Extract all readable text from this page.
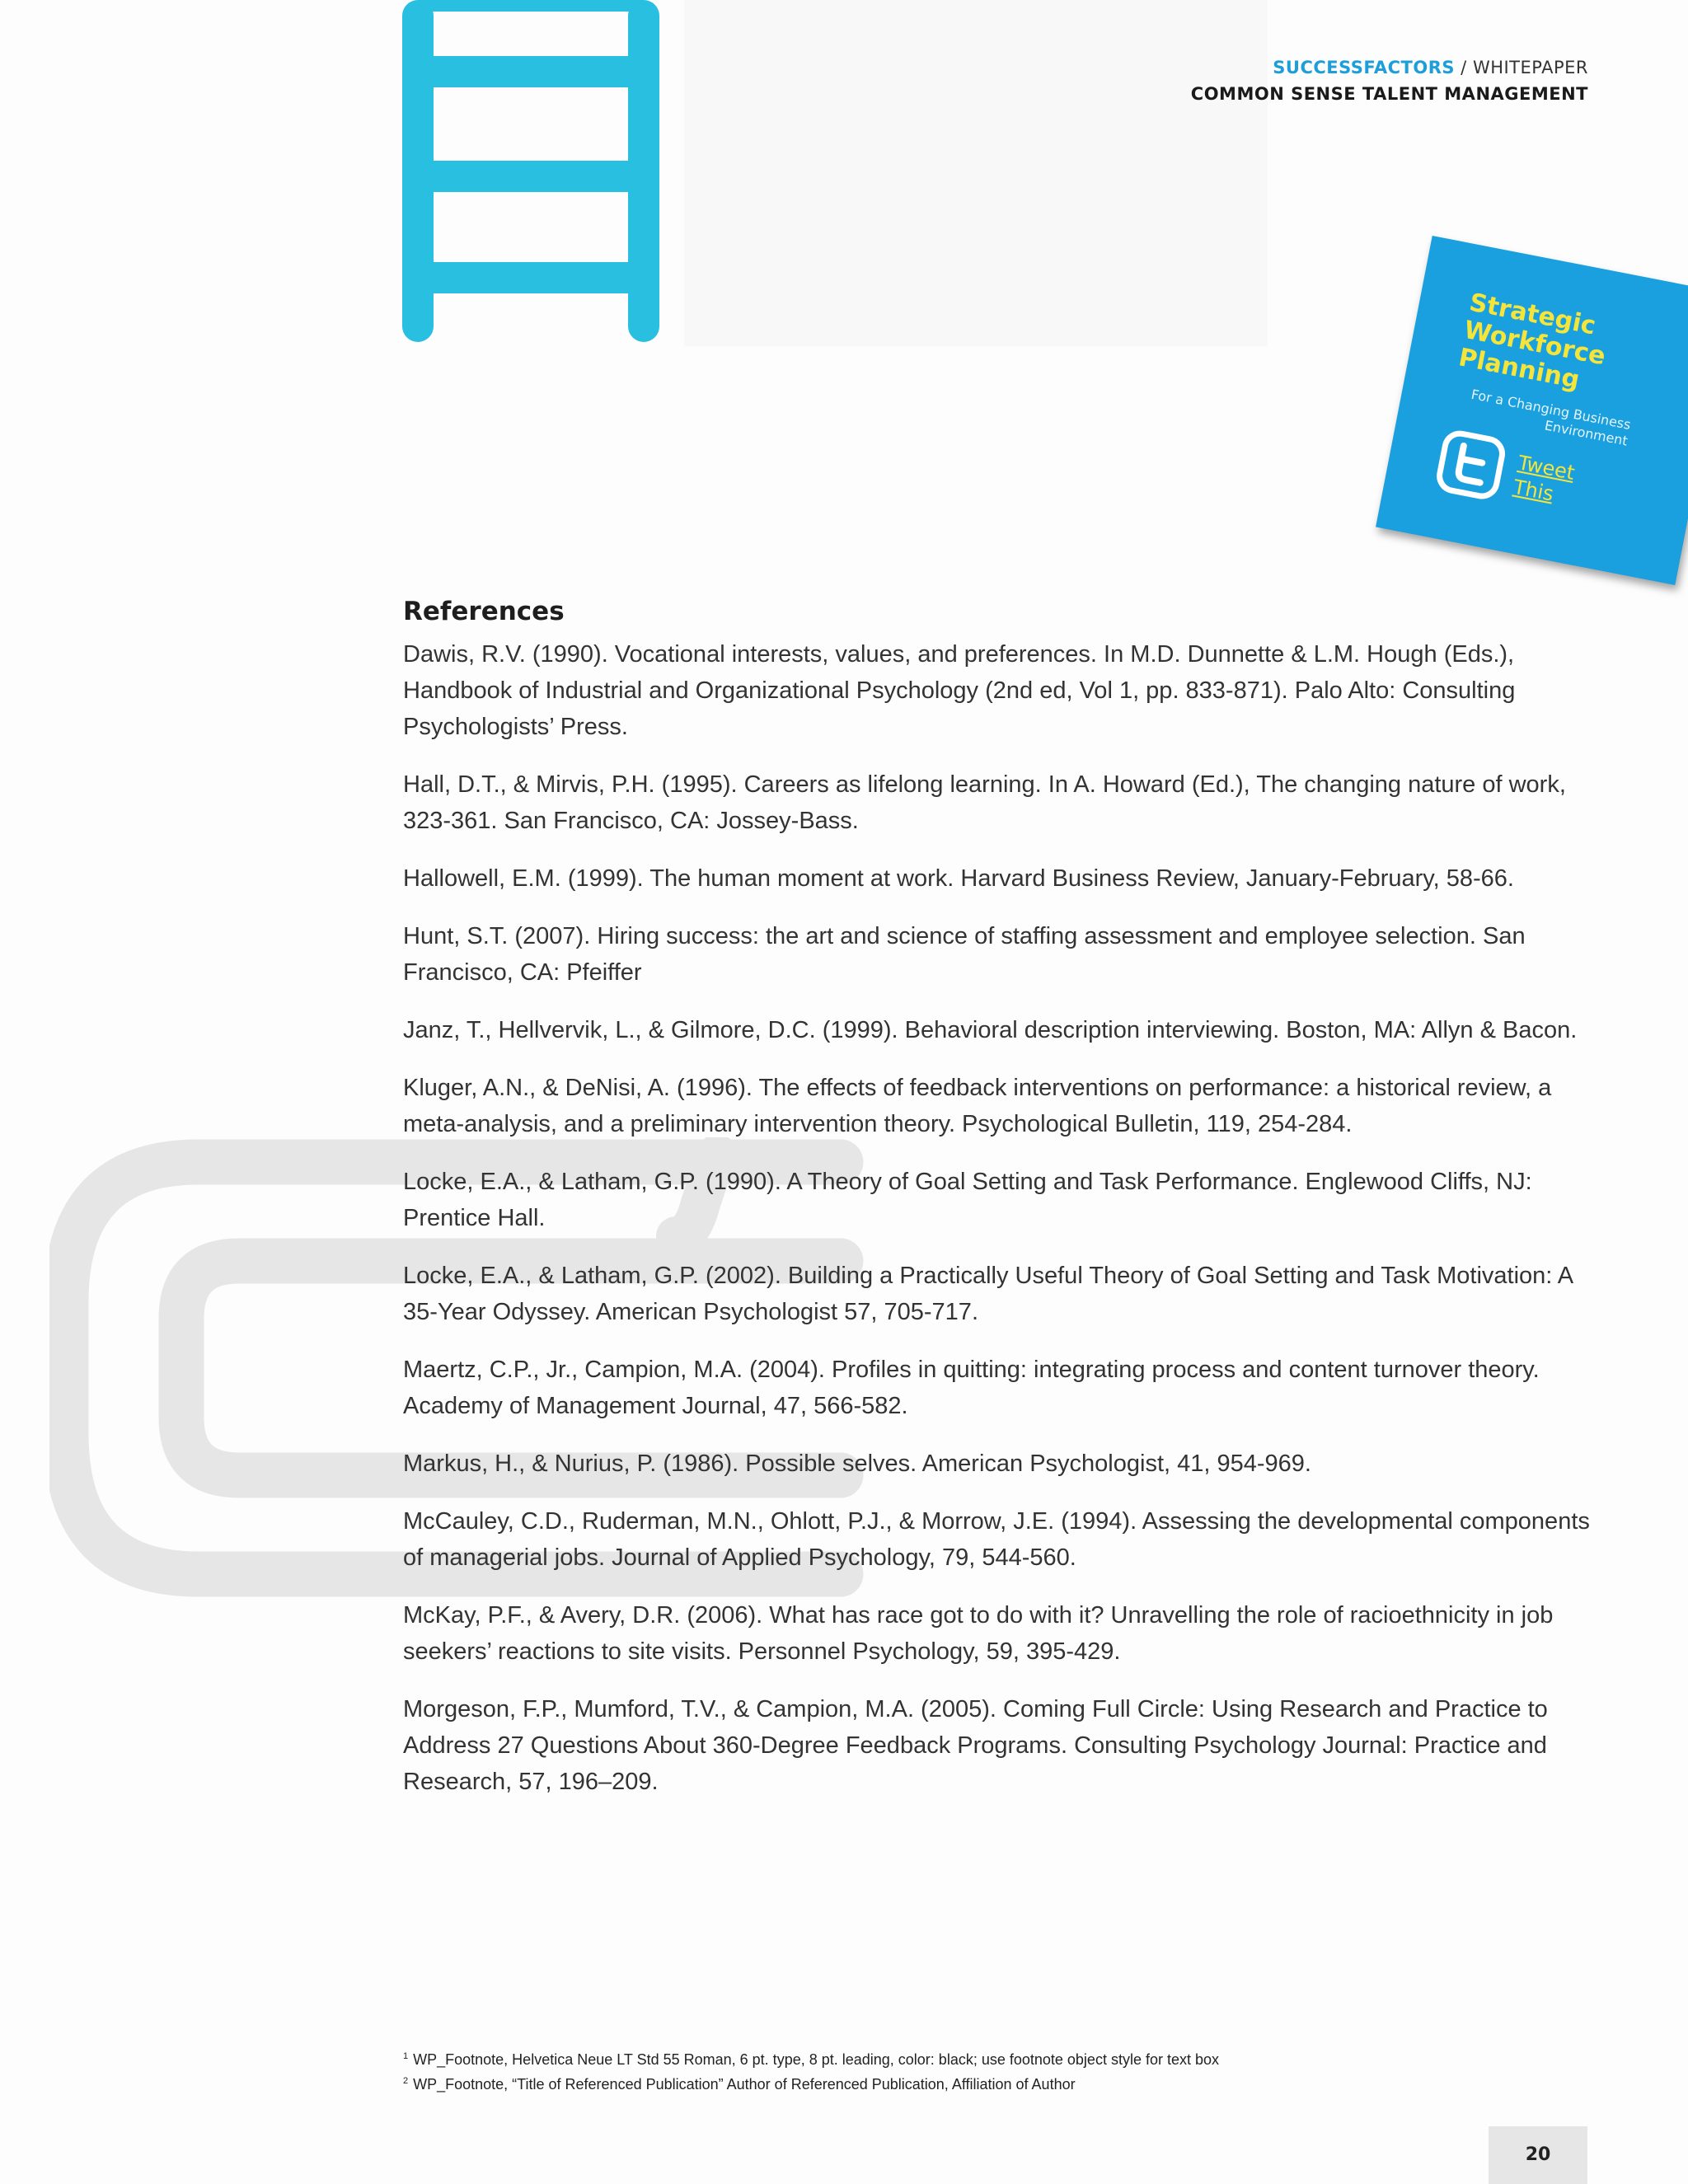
SUCCESSFACTORS / WHITEPAPER
COMMON SENSE TALENT MANAGEMENT
Strategic Workforce Planning
For a Changing Business Environment
Tweet This
References

Dawis, R.V. (1990). Vocational interests, values, and preferences. In M.D. Dunnette & L.M. Hough (Eds.), Handbook of Industrial and Organizational Psychology (2nd ed, Vol 1, pp. 833-871). Palo Alto: Consulting Psychologists’ Press.

Hall, D.T., & Mirvis, P.H. (1995). Careers as lifelong learning. In A. Howard (Ed.), The changing nature of work, 323-361. San Francisco, CA: Jossey-Bass.

Hallowell, E.M. (1999). The human moment at work. Harvard Business Review, January-February, 58-66.

Hunt, S.T. (2007). Hiring success: the art and science of staffing assessment and employee selection. San Francisco, CA: Pfeiffer

Janz, T., Hellvervik, L., & Gilmore, D.C. (1999). Behavioral description interviewing. Boston, MA: Allyn & Bacon.

Kluger, A.N., & DeNisi, A. (1996). The effects of feedback interventions on performance: a historical review, a meta-analysis, and a preliminary intervention theory. Psychological Bulletin, 119, 254-284.

Locke, E.A., & Latham, G.P. (1990). A Theory of Goal Setting and Task Performance. Englewood Cliffs, NJ: Prentice Hall.

Locke, E.A., & Latham, G.P. (2002). Building a Practically Useful Theory of Goal Setting and Task Motivation: A 35-Year Odyssey. American Psychologist 57, 705-717.

Maertz, C.P., Jr., Campion, M.A. (2004). Profiles in quitting: integrating process and content turnover theory. Academy of Management Journal, 47, 566-582.

Markus, H., & Nurius, P. (1986). Possible selves. American Psychologist, 41, 954-969.

McCauley, C.D., Ruderman, M.N., Ohlott, P.J., & Morrow, J.E. (1994). Assessing the developmental components of managerial jobs. Journal of Applied Psychology, 79, 544-560.

McKay, P.F., & Avery, D.R. (2006). What has race got to do with it? Unravelling the role of racioethnicity in job seekers’ reactions to site visits. Personnel Psychology, 59, 395-429.

Morgeson, F.P., Mumford, T.V., & Campion, M.A. (2005). Coming Full Circle: Using Research and Practice to Address 27 Questions About 360-Degree Feedback Programs. Consulting Psychology Journal: Practice and Research, 57, 196–209.

$^1$ WP_Footnote, Helvetica Neue LT Std 55 Roman, 6 pt. type, 8 pt. leading, color: black; use footnote object style for text box

$^2$ WP_Footnote, “Title of Referenced Publication” Author of Referenced Publication, Affiliation of Author

20
